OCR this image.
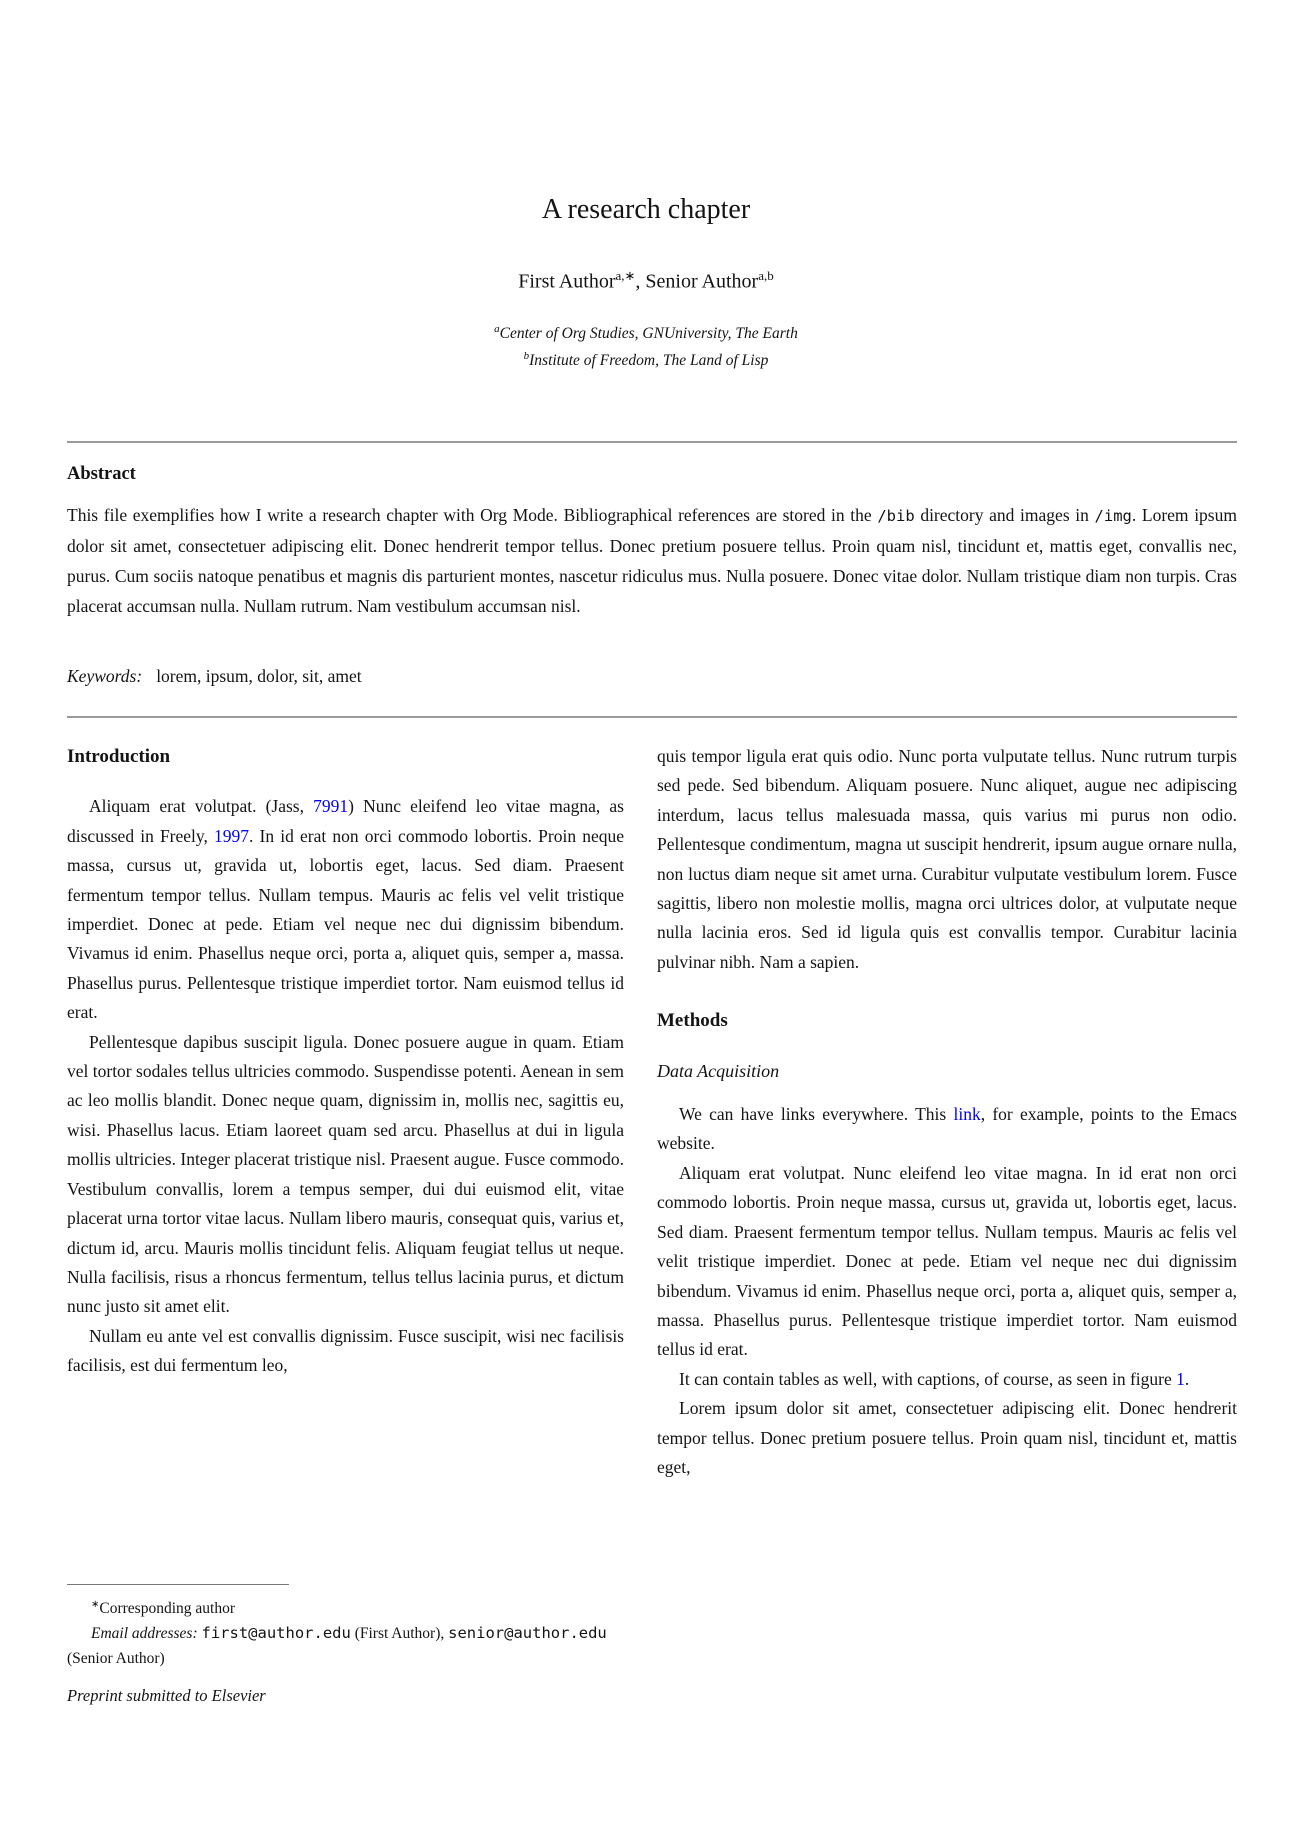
A research chapter
First Author$^{a,∗}$, Senior Author$^{a,b}$
$^a$Center of Org Studies, GNUniversity, The Earth
$^b$Institute of Freedom, The Land of Lisp
Abstract
This file exemplifies how I write a research chapter with Org Mode. Bibliographical references are stored in the /bib directory and images in /img. Lorem ipsum dolor sit amet, consectetuer adipiscing elit. Donec hendrerit tempor tellus. Donec pretium posuere tellus. Proin quam nisl, tincidunt et, mattis eget, convallis nec, purus. Cum sociis natoque penatibus et magnis dis parturient montes, nascetur ridiculus mus. Nulla posuere. Donec vitae dolor. Nullam tristique diam non turpis. Cras placerat accumsan nulla. Nullam rutrum. Nam vestibulum accumsan nisl.
Keywords: lorem, ipsum, dolor, sit, amet
Introduction

Aliquam erat volutpat. (Jass, 7991) Nunc eleifend leo vitae magna, as discussed in Freely, 1997. In id erat non orci commodo lobortis. Proin neque massa, cursus ut, gravida ut, lobortis eget, lacus. Sed diam. Praesent fermentum tempor tellus. Nullam tempus. Mauris ac felis vel velit tristique imperdiet. Donec at pede. Etiam vel neque nec dui dignissim bibendum. Vivamus id enim. Phasellus neque orci, porta a, aliquet quis, semper a, massa. Phasellus purus. Pellentesque tristique imperdiet tortor. Nam euismod tellus id erat.

Pellentesque dapibus suscipit ligula. Donec posuere augue in quam. Etiam vel tortor sodales tellus ultricies commodo. Suspendisse potenti. Aenean in sem ac leo mollis blandit. Donec neque quam, dignissim in, mollis nec, sagittis eu, wisi. Phasellus lacus. Etiam laoreet quam sed arcu. Phasellus at dui in ligula mollis ultricies. Integer placerat tristique nisl. Praesent augue. Fusce commodo. Vestibulum convallis, lorem a tempus semper, dui dui euismod elit, vitae placerat urna tortor vitae lacus. Nullam libero mauris, consequat quis, varius et, dictum id, arcu. Mauris mollis tincidunt felis. Aliquam feugiat tellus ut neque. Nulla facilisis, risus a rhoncus fermentum, tellus tellus lacinia purus, et dictum nunc justo sit amet elit.

Nullam eu ante vel est convallis dignissim. Fusce suscipit, wisi nec facilisis facilisis, est dui fermentum leo,

quis tempor ligula erat quis odio. Nunc porta vulputate tellus. Nunc rutrum turpis sed pede. Sed bibendum. Aliquam posuere. Nunc aliquet, augue nec adipiscing interdum, lacus tellus malesuada massa, quis varius mi purus non odio. Pellentesque condimentum, magna ut suscipit hendrerit, ipsum augue ornare nulla, non luctus diam neque sit amet urna. Curabitur vulputate vestibulum lorem. Fusce sagittis, libero non molestie mollis, magna orci ultrices dolor, at vulputate neque nulla lacinia eros. Sed id ligula quis est convallis tempor. Curabitur lacinia pulvinar nibh. Nam a sapien.

Methods
Data Acquisition

We can have links everywhere. This link, for example, points to the Emacs website.

Aliquam erat volutpat. Nunc eleifend leo vitae magna. In id erat non orci commodo lobortis. Proin neque massa, cursus ut, gravida ut, lobortis eget, lacus. Sed diam. Praesent fermentum tempor tellus. Nullam tempus. Mauris ac felis vel velit tristique imperdiet. Donec at pede. Etiam vel neque nec dui dignissim bibendum. Vivamus id enim. Phasellus neque orci, porta a, aliquet quis, semper a, massa. Phasellus purus. Pellentesque tristique imperdiet tortor. Nam euismod tellus id erat.

It can contain tables as well, with captions, of course, as seen in figure 1.

Lorem ipsum dolor sit amet, consectetuer adipiscing elit. Donec hendrerit tempor tellus. Donec pretium posuere tellus. Proin quam nisl, tincidunt et, mattis eget,

∗Corresponding author
Email addresses: first@author.edu (First Author), senior@author.edu (Senior Author)
Preprint submitted to Elsevier
